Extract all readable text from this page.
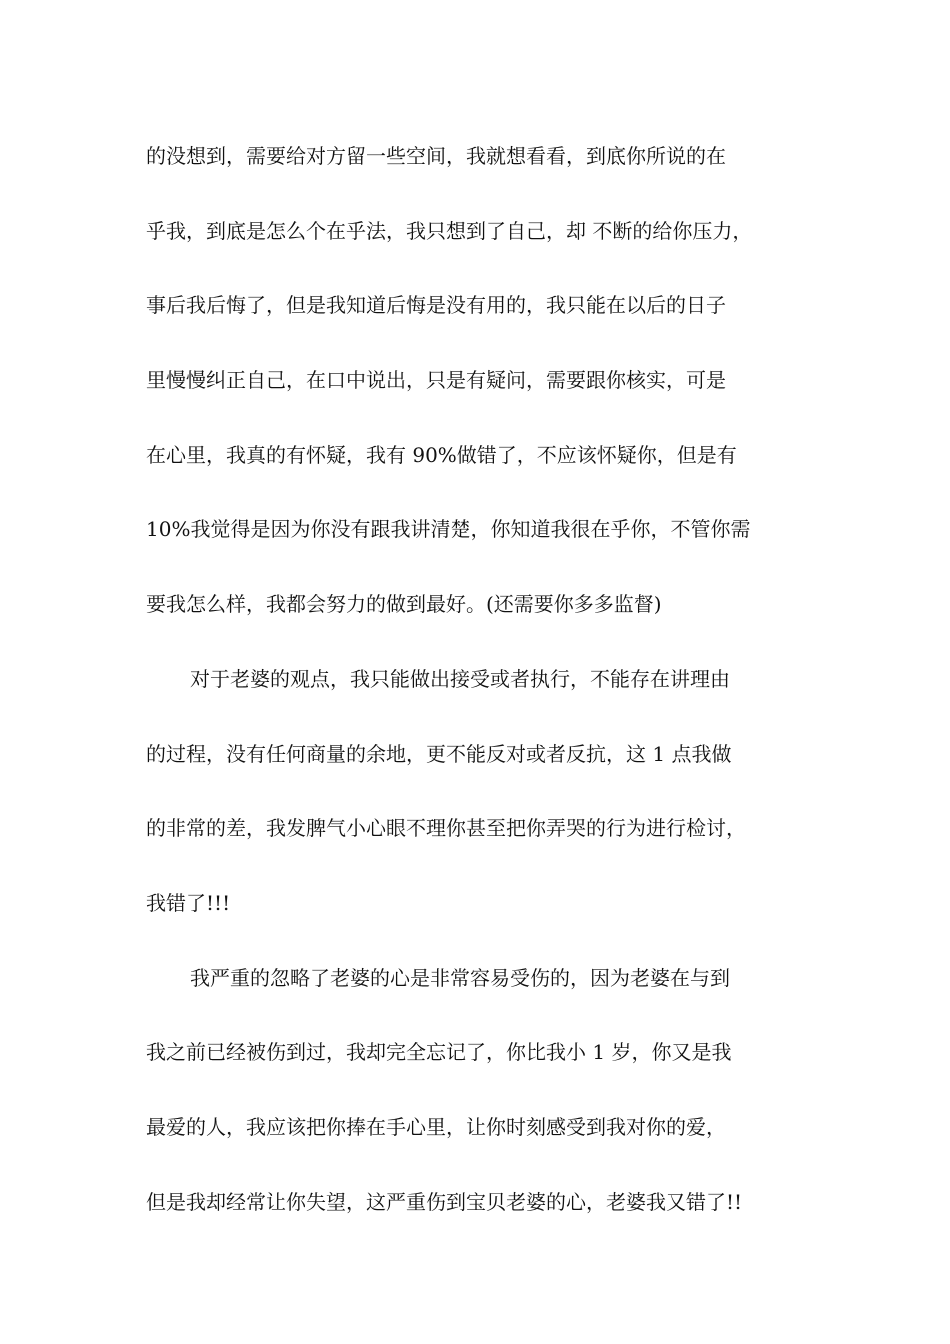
的没想到，需要给对方留一些空间，我就想看看，到底你所说的在
乎我，到底是怎么个在乎法，我只想到了自己，却 不断的给你压力，
事后我后悔了，但是我知道后悔是没有用的，我只能在以后的日子
里慢慢纠正自己，在口中说出，只是有疑问，需要跟你核实，可是
在心里，我真的有怀疑，我有 90%做错了，不应该怀疑你，但是有
10%我觉得是因为你没有跟我讲清楚，你知道我很在乎你，不管你需
要我怎么样，我都会努力的做到最好。(还需要你多多监督)
对于老婆的观点，我只能做出接受或者执行，不能存在讲理由
的过程，没有任何商量的余地，更不能反对或者反抗，这 1 点我做
的非常的差，我发脾气小心眼不理你甚至把你弄哭的行为进行检讨，
我错了!!!
我严重的忽略了老婆的心是非常容易受伤的，因为老婆在与到
我之前已经被伤到过，我却完全忘记了，你比我小 1 岁，你又是我
最爱的人，我应该把你捧在手心里，让你时刻感受到我对你的爱，
但是我却经常让你失望，这严重伤到宝贝老婆的心，老婆我又错了!!
